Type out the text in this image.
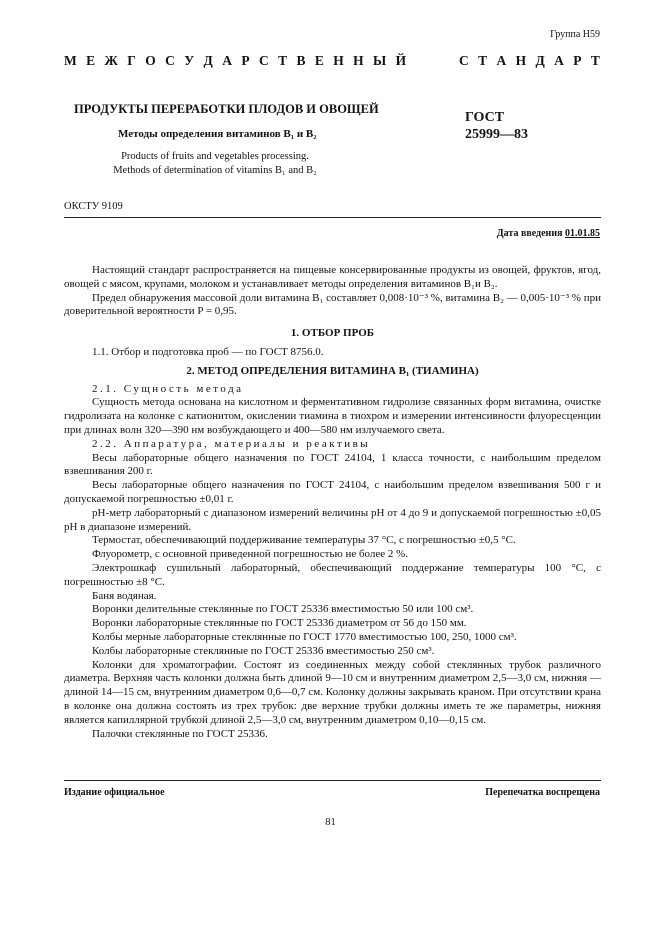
Группа Н59
М Е Ж Г О С У Д А Р С Т В Е Н Н Ы Й	С Т А Н Д А Р Т
ПРОДУКТЫ ПЕРЕРАБОТКИ ПЛОДОВ И ОВОЩЕЙ
Методы определения витаминов B₁ и B₂
Products of fruits and vegetables processing.
Methods of determination of vitamins B₁ and B₂
ГОСТ
25999—83
ОКСТУ 9109
Дата введения 01.01.85

Настоящий стандарт распространяется на пищевые консервированные продукты из овощей, фруктов, ягод, овощей с мясом, крупами, молоком и устанавливает методы определения витаминов B₁и B₂.

Предел обнаружения массовой доли витамина B₁ составляет 0,008·10⁻³ %, витамина B₂ — 0,005·10⁻³ % при доверительной вероятности P = 0,95.

1. ОТБОР ПРОБ

1.1. Отбор и подготовка проб — по ГОСТ 8756.0.

2. МЕТОД ОПРЕДЕЛЕНИЯ ВИТАМИНА B₁ (ТИАМИНА)

2.1. Сущность метода

Сущность метода основана на кислотном и ферментативном гидролизе связанных форм витамина, очистке гидролизата на колонке с катионитом, окислении тиамина в тиохром и измерении интенсивности флуоресценции при длинах волн 320—390 нм возбуждающего и 400—580 нм излучаемого света.

2.2. Аппаратура, материалы и реактивы

Весы лабораторные общего назначения по ГОСТ 24104, 1 класса точности, с наибольшим пределом взвешивания 200 г.

Весы лабораторные общего назначения по ГОСТ 24104, с наибольшим пределом взвешивания 500 г и допускаемой погрешностью ±0,01 г.

pH-метр лабораторный с диапазоном измерений величины pH от 4 до 9 и допускаемой погрешностью ±0,05 pH в диапазоне измерений.

Термостат, обеспечивающий поддерживание температуры 37 °C, с погрешностью ±0,5 °C.

Флуорометр, с основной приведенной погрешностью не более 2 %.

Электрошкаф сушильный лабораторный, обеспечивающий поддержание температуры 100 °C, с погрешностью ±8 °C.

Баня водяная.

Воронки делительные стеклянные по ГОСТ 25336 вместимостью 50 или 100 см³.

Воронки лабораторные стеклянные по ГОСТ 25336 диаметром от 56 до 150 мм.

Колбы мерные лабораторные стеклянные по ГОСТ 1770 вместимостью 100, 250, 1000 см³.

Колбы лабораторные стеклянные по ГОСТ 25336 вместимостью 250 см³.

Колонки для хроматографии. Состоят из соединенных между собой стеклянных трубок различного диаметра. Верхняя часть колонки должна быть длиной 9—10 см и внутренним диаметром 2,5—3,0 см, нижняя — длиной 14—15 см, внутренним диаметром 0,6—0,7 см. Колонку должны закрывать краном. При отсутствии крана в колонке она должна состоять из трех трубок: две верхние трубки должны иметь те же параметры, нижняя является капиллярной трубкой длиной 2,5—3,0 см, внутренним диаметром 0,10—0,15 см.

Палочки стеклянные по ГОСТ 25336.

Издание официальное	Перепечатка воспрещена
81
